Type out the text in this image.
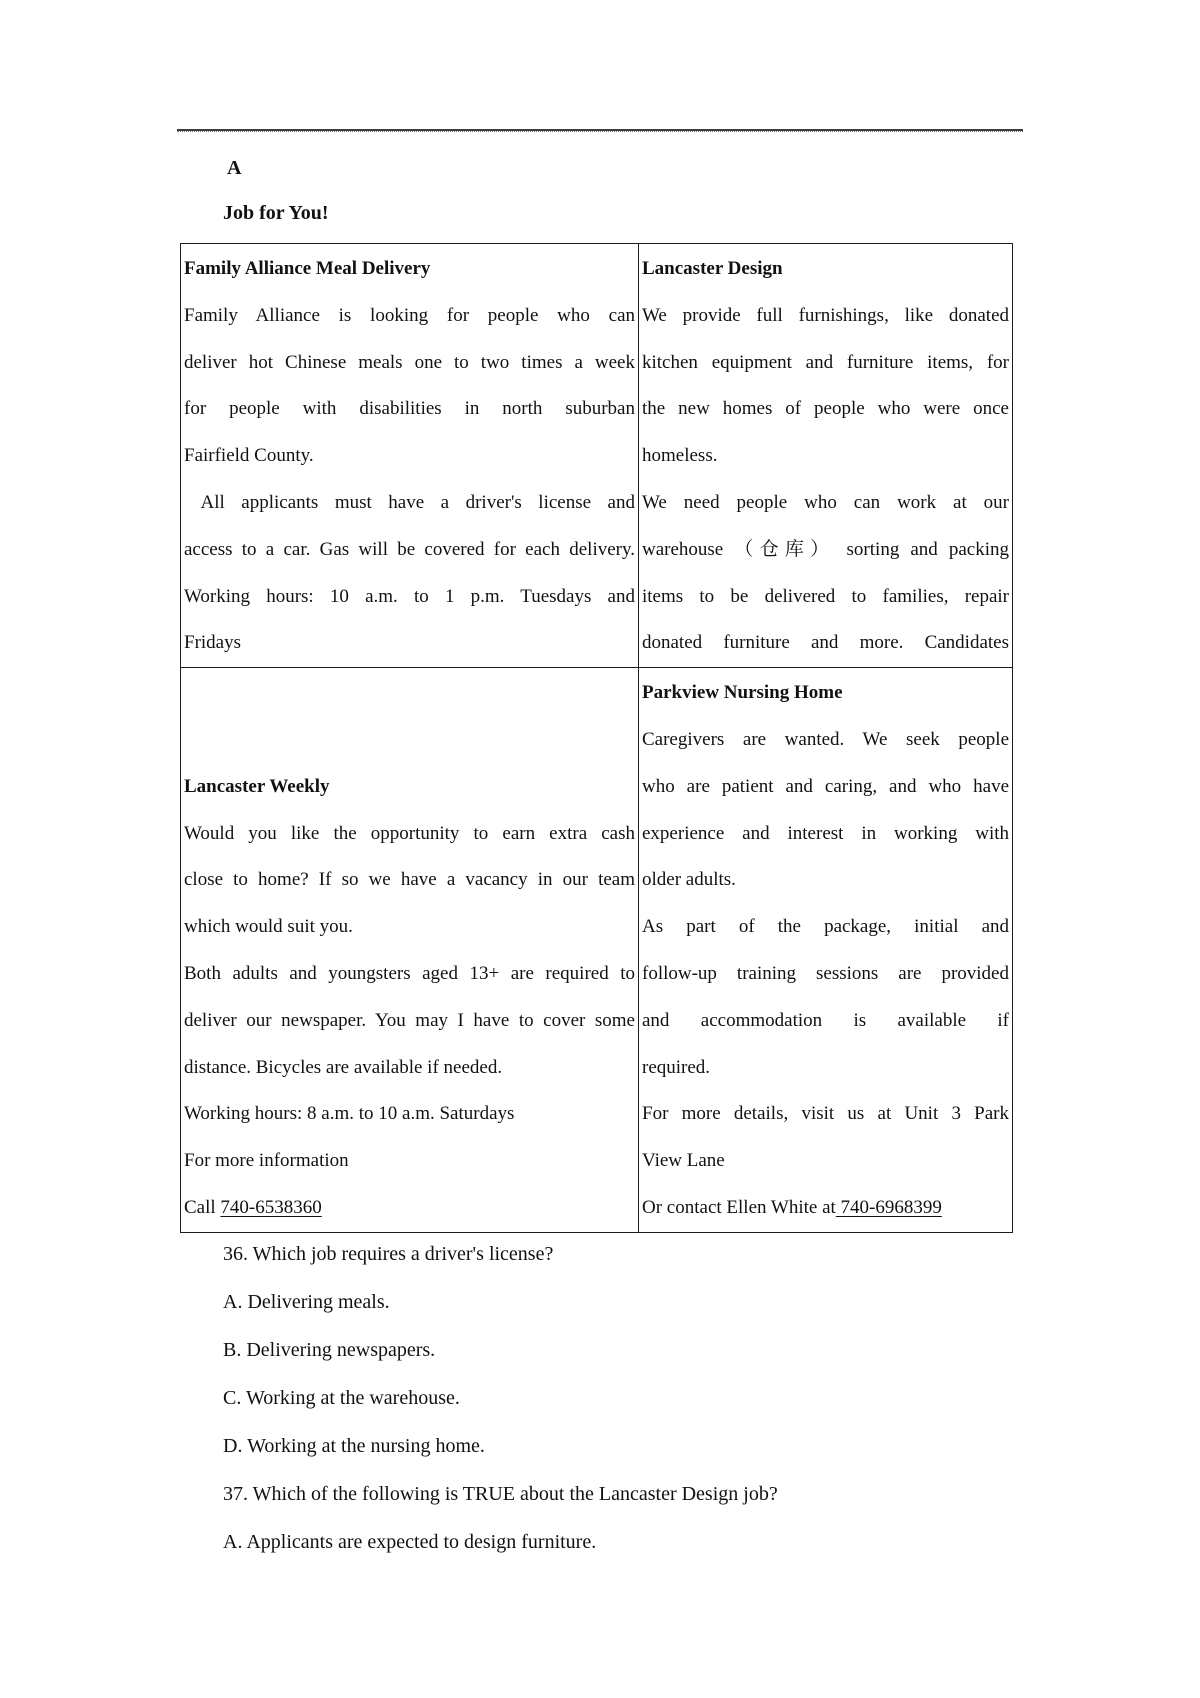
A
Job for You!
Family Alliance Meal Delivery
Family Alliance is looking for people who can
deliver hot Chinese meals one to two times a week
for people with disabilities in north suburban
Fairfield County.
All applicants must have a driver's license and
access to a car. Gas will be covered for each delivery.
Working hours: 10 a.m. to 1 p.m. Tuesdays and
Fridays

Lancaster Design
We provide full furnishings, like donated
kitchen equipment and furniture items, for
the new homes of people who were once
homeless.
We need people who can work at our
warehouse （仓库） sorting and packing
items to be delivered to families, repair
donated furniture and more. Candidates

Lancaster Weekly
Would you like the opportunity to earn extra cash
close to home? If so we have a vacancy in our team
which would suit you.
Both adults and youngsters aged 13+ are required to
deliver our newspaper. You may I have to cover some
distance. Bicycles are available if needed.
Working hours: 8 a.m. to 10 a.m. Saturdays
For more information
Call 740-6538360

Parkview Nursing Home
Caregivers are wanted. We seek people
who are patient and caring, and who have
experience and interest in working with
older adults.
As part of the package, initial and
follow-up training sessions are provided
and accommodation is available if
required.
For more details, visit us at Unit 3 Park
View Lane
Or contact Ellen White at 740-6968399
36. Which job requires a driver's license?
A. Delivering meals.
B. Delivering newspapers.
C. Working at the warehouse.
D. Working at the nursing home.
37. Which of the following is TRUE about the Lancaster Design job?
A. Applicants are expected to design furniture.
